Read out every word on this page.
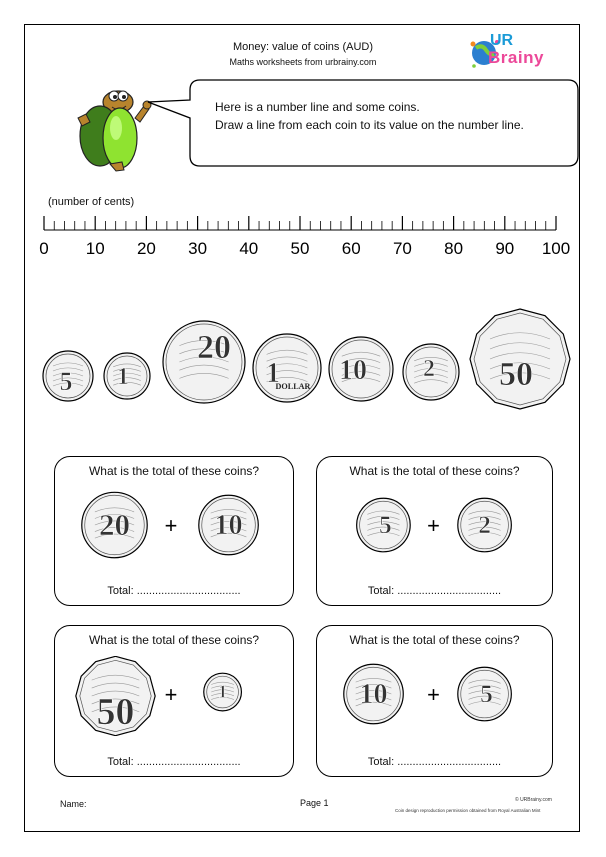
Money: value of coins (AUD)
Maths worksheets from urbrainy.com
UR
Brainy
Here is a number line and some coins.
Draw a line from each coin to its value on the number line.
(number of cents)
0 10 20 30 40 50 60 70 80 90 100
5 1
20
1
DOLLAR
10 2 50
What is the total of these coins?
20	10
+
Total: ..................................
What is the total of these coins?
5	2
+
Total: ..................................
What is the total of these coins?
50	1
+
Total: ..................................
What is the total of these coins?
10	5
+
Total: ..................................
Name:	Page 1	© URBrainy.com
Coin design reproduction permission obtained from Royal Australian Mint
